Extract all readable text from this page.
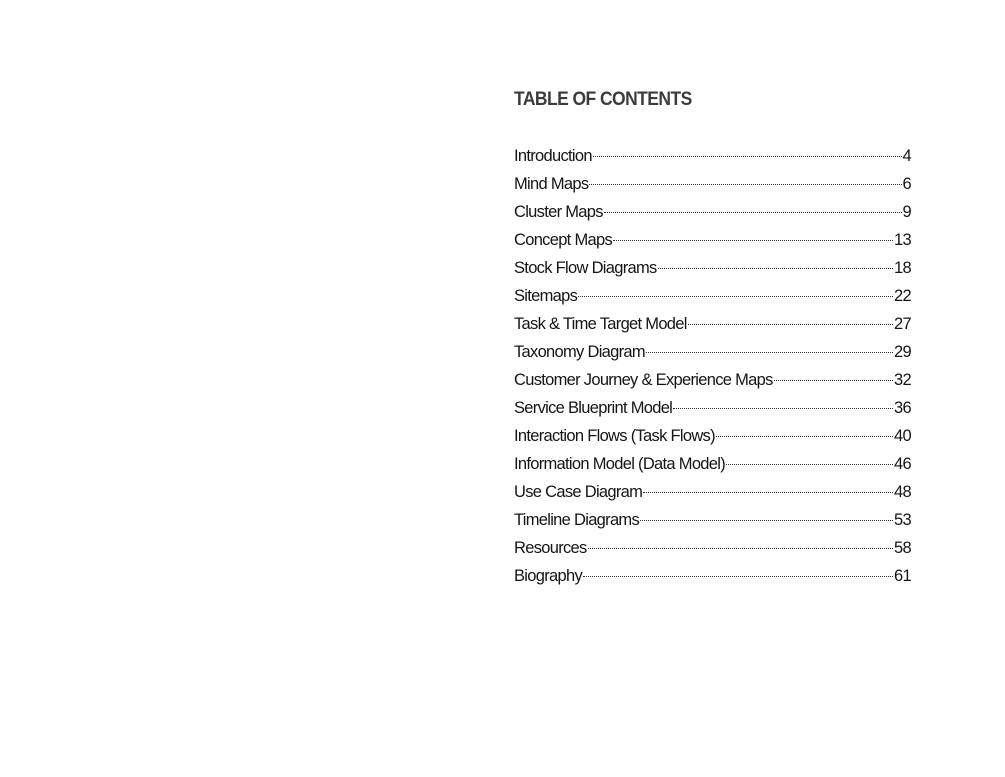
TABLE OF CONTENTS
Introduction	4
Mind Maps	6
Cluster Maps	9
Concept Maps	13
Stock Flow Diagrams	18
Sitemaps	22
Task & Time Target Model	27
Taxonomy Diagram	29
Customer Journey & Experience Maps	32
Service Blueprint Model	36
Interaction Flows (Task Flows)	40
Information Model (Data Model)	46
Use Case Diagram	48
Timeline Diagrams	53
Resources	58
Biography	61
